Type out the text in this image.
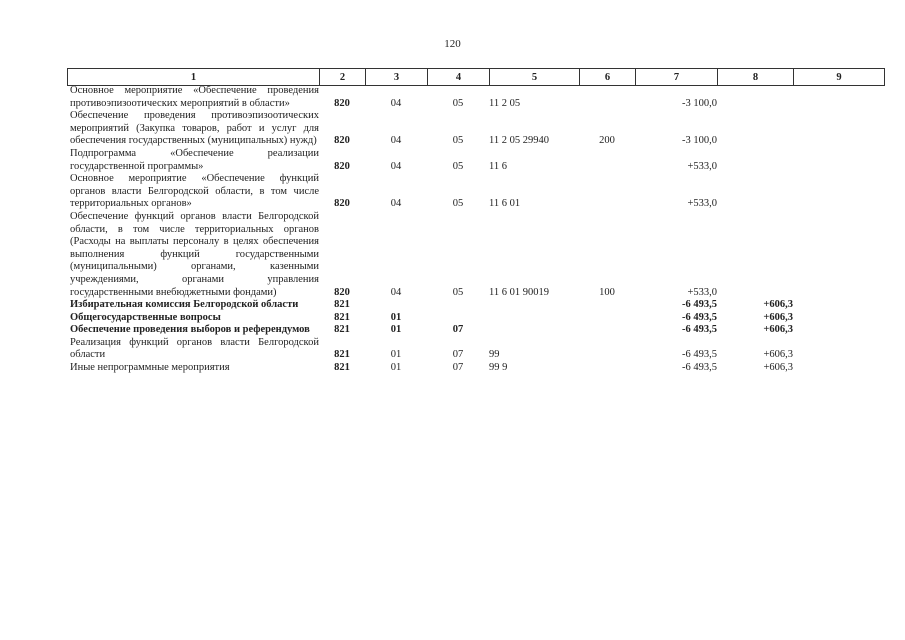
120
1	2	3	4	5	6	7	8	9
Основное мероприятие «Обеспечение проведения противоэпизоотических мероприятий в области»	820	04	05	11 2 05		-3 100,0		
Обеспечение проведения противоэпизоотических мероприятий (Закупка товаров, работ и услуг для обеспечения государственных (муниципальных) нужд)	820	04	05	11 2 05 29940	200	-3 100,0		
Подпрограмма «Обеспечение реализации государственной программы»	820	04	05	11 6		+533,0		
Основное мероприятие «Обеспечение функций органов власти Белгородской области, в том числе территориальных органов»	820	04	05	11 6 01		+533,0		
Обеспечение функций органов власти Белгородской области, в том числе территориальных органов (Расходы на выплаты персоналу в целях обеспечения выполнения функций государственными (муниципальными) органами, казенными учреждениями, органами управления государственными внебюджетными фондами)	820	04	05	11 6 01 90019	100	+533,0		
Избирательная комиссия Белгородской области	821					-6 493,5	+606,3	
Общегосударственные вопросы	821	01				-6 493,5	+606,3	
Обеспечение проведения выборов и референдумов	821	01	07			-6 493,5	+606,3	
Реализация функций органов власти Белгородской области	821	01	07	99		-6 493,5	+606,3	
Иные непрограммные мероприятия	821	01	07	99 9		-6 493,5	+606,3	
